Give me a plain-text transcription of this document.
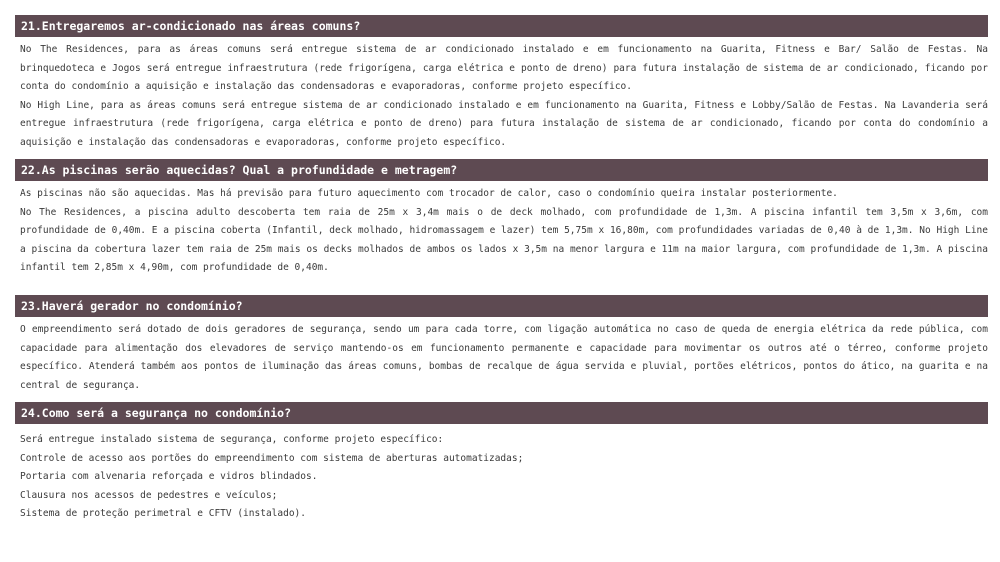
21.Entregaremos ar-condicionado nas áreas comuns?

No The Residences, para as áreas comuns será entregue sistema de ar condicionado instalado e em funcionamento na Guarita, Fitness e Bar/ Salão de Festas. Na brinquedoteca e Jogos será entregue infraestrutura (rede frigorígena, carga elétrica e ponto de dreno) para futura instalação de sistema de ar condicionado, ficando por conta do condomínio a aquisição e instalação das condensadoras e evaporadoras, conforme projeto específico.

No High Line, para as áreas comuns será entregue sistema de ar condicionado instalado e em funcionamento na Guarita, Fitness e Lobby/Salão de Festas. Na Lavanderia será entregue infraestrutura (rede frigorígena, carga elétrica e ponto de dreno) para futura instalação de sistema de ar condicionado, ficando por conta do condomínio a aquisição e instalação das condensadoras e evaporadoras, conforme projeto específico.

22.As piscinas serão aquecidas? Qual a profundidade e metragem?

As piscinas não são aquecidas. Mas há previsão para futuro aquecimento com trocador de calor, caso o condomínio queira instalar posteriormente.

No The Residences, a piscina adulto descoberta tem raia de 25m x 3,4m mais o de deck molhado, com profundidade de 1,3m. A piscina infantil tem 3,5m x 3,6m, com profundidade de 0,40m. E a piscina coberta (Infantil, deck molhado, hidromassagem e lazer) tem 5,75m x 16,80m, com profundidades variadas de 0,40 à de 1,3m. No High Line a piscina da cobertura lazer tem raia de 25m mais os decks molhados de ambos os lados x 3,5m na menor largura e 11m na maior largura, com profundidade de 1,3m. A piscina infantil tem 2,85m x 4,90m, com profundidade de 0,40m.

23.Haverá gerador no condomínio?

O empreendimento será dotado de dois geradores de segurança, sendo um para cada torre, com ligação automática no caso de queda de energia elétrica da rede pública, com capacidade para alimentação dos elevadores de serviço mantendo-os em funcionamento permanente e capacidade para movimentar os outros até o térreo, conforme projeto específico. Atenderá também aos pontos de iluminação das áreas comuns, bombas de recalque de água servida e pluvial, portões elétricos, pontos do ático, na guarita e na central de segurança.

24.Como será a segurança no condomínio?

Será entregue instalado sistema de segurança, conforme projeto específico:

Controle de acesso aos portões do empreendimento com sistema de aberturas automatizadas;

Portaria com alvenaria reforçada e vidros blindados.

Clausura nos acessos de pedestres e veículos;

Sistema de proteção perimetral e CFTV (instalado).
